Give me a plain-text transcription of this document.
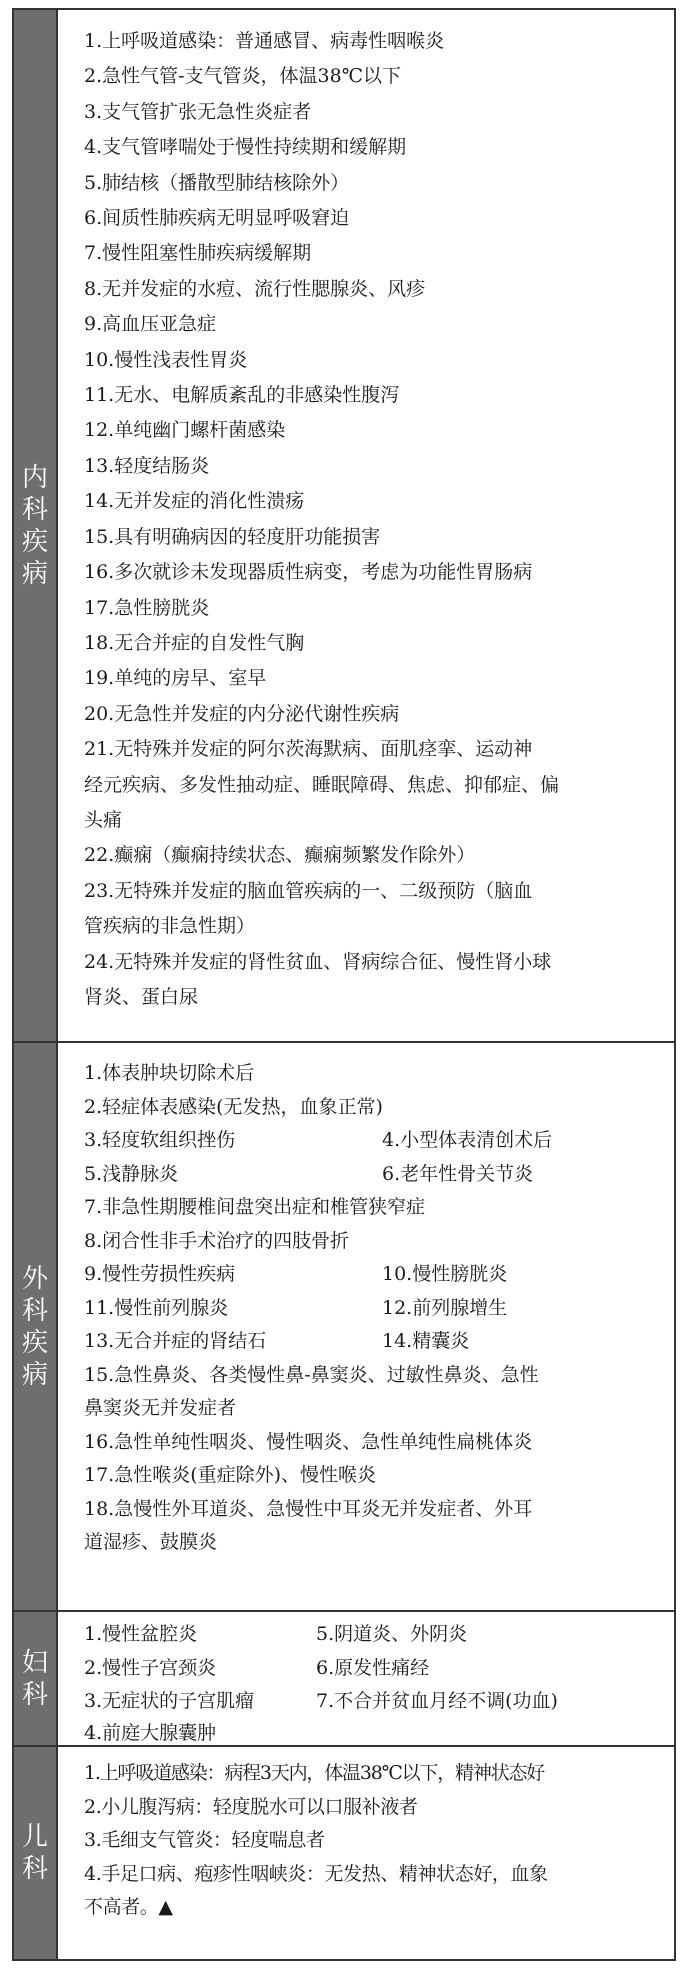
内科疾病

1.上呼吸道感染：普通感冒、病毒性咽喉炎

2.急性气管-支气管炎，体温38℃以下

3.支气管扩张无急性炎症者

4.支气管哮喘处于慢性持续期和缓解期

5.肺结核（播散型肺结核除外）

6.间质性肺疾病无明显呼吸窘迫

7.慢性阻塞性肺疾病缓解期

8.无并发症的水痘、流行性腮腺炎、风疹

9.高血压亚急症

10.慢性浅表性胃炎

11.无水、电解质紊乱的非感染性腹泻

12.单纯幽门螺杆菌感染

13.轻度结肠炎

14.无并发症的消化性溃疡

15.具有明确病因的轻度肝功能损害

16.多次就诊未发现器质性病变，考虑为功能性胃肠病

17.急性膀胱炎

18.无合并症的自发性气胸

19.单纯的房早、室早

20.无急性并发症的内分泌代谢性疾病

21.无特殊并发症的阿尔茨海默病、面肌痉挛、运动神

经元疾病、多发性抽动症、睡眠障碍、焦虑、抑郁症、偏

头痛

22.癫痫（癫痫持续状态、癫痫频繁发作除外）

23.无特殊并发症的脑血管疾病的一、二级预防（脑血

管疾病的非急性期）

24.无特殊并发症的肾性贫血、肾病综合征、慢性肾小球

肾炎、蛋白尿

外科疾病

1.体表肿块切除术后

2.轻症体表感染(无发热，血象正常)

3.轻度软组织挫伤	4.小型体表清创术后
5.浅静脉炎	6.老年性骨关节炎

7.非急性期腰椎间盘突出症和椎管狭窄症

8.闭合性非手术治疗的四肢骨折

9.慢性劳损性疾病	10.慢性膀胱炎
11.慢性前列腺炎	12.前列腺增生
13.无合并症的肾结石	14.精囊炎

15.急性鼻炎、各类慢性鼻-鼻窦炎、过敏性鼻炎、急性

鼻窦炎无并发症者

16.急性单纯性咽炎、慢性咽炎、急性单纯性扁桃体炎

17.急性喉炎(重症除外)、慢性喉炎

18.急慢性外耳道炎、急慢性中耳炎无并发症者、外耳

道湿疹、鼓膜炎

妇科
1.慢性盆腔炎	5.阴道炎、外阴炎
2.慢性子宫颈炎	6.原发性痛经
3.无症状的子宫肌瘤	7.不合并贫血月经不调(功血)

4.前庭大腺囊肿

儿科

1.上呼吸道感染：病程3天内，体温38℃以下，精神状态好

2.小儿腹泻病：轻度脱水可以口服补液者

3.毛细支气管炎：轻度喘息者

4.手足口病、疱疹性咽峡炎：无发热、精神状态好，血象

不高者。▲
